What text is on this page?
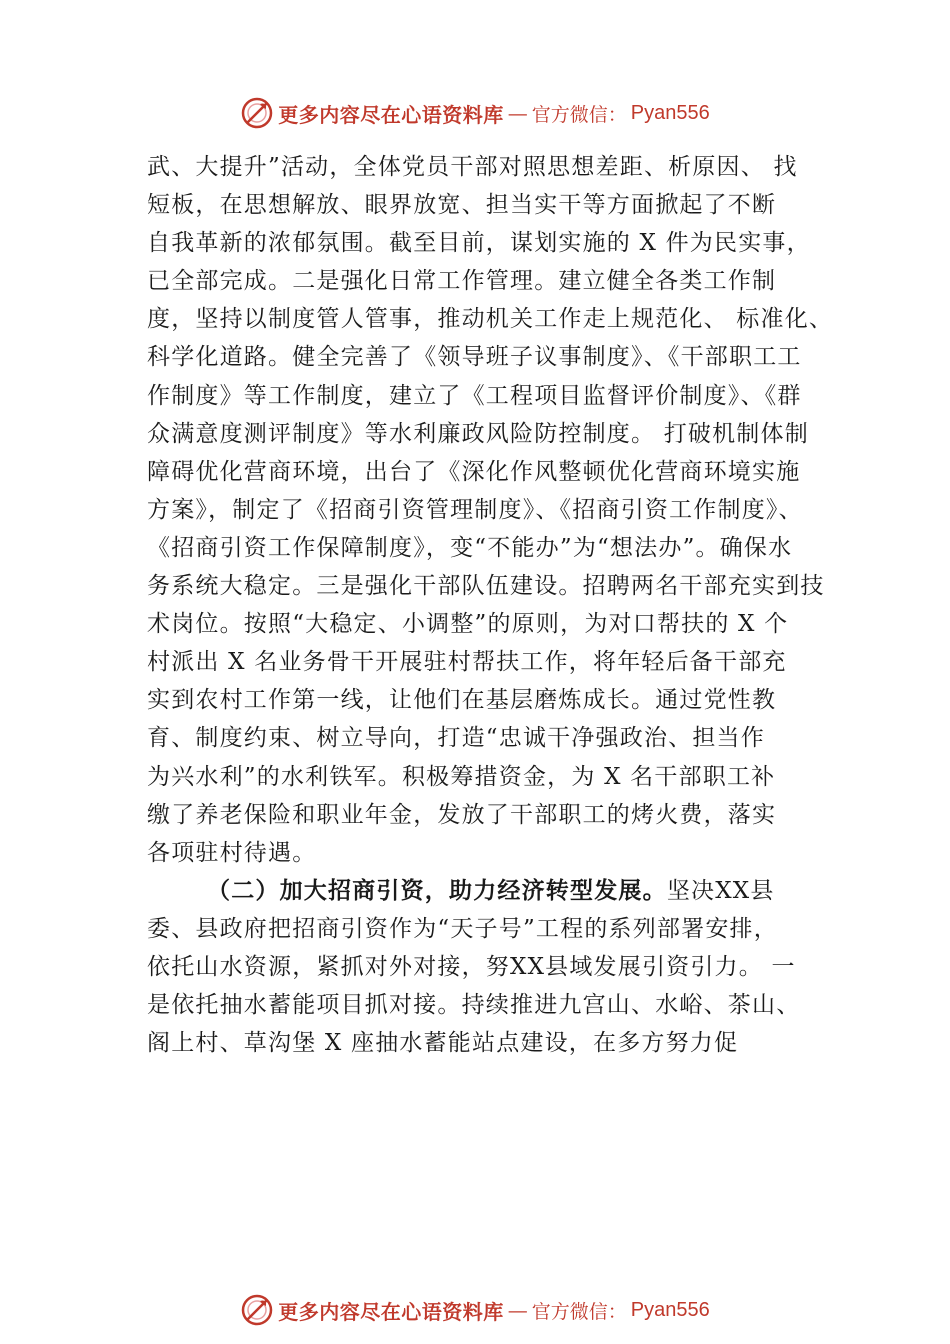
更多内容尽在心语资料库 — 官方微信： Pyan556
武、大提升”活动，全体党员干部对照思想差距、析原因、 找
短板，在思想解放、眼界放宽、担当实干等方面掀起了不断
自我革新的浓郁氛围。截至目前，谋划实施的 X 件为民实事，
已全部完成。二是强化日常工作管理。建立健全各类工作制
度，坚持以制度管人管事，推动机关工作走上规范化、 标准化、
科学化道路。健全完善了《领导班子议事制度》、《干部职工工
作制度》等工作制度，建立了《工程项目监督评价制度》、《群
众满意度测评制度》等水利廉政风险防控制度。 打破机制体制
障碍优化营商环境，出台了《深化作风整顿优化营商环境实施
方案》，制定了《招商引资管理制度》、《招商引资工作制度》、
《招商引资工作保障制度》，变“不能办”为“想法办”。确保水
务系统大稳定。三是强化干部队伍建设。招聘两名干部充实到技
术岗位。按照“大稳定、小调整”的原则，为对口帮扶的 X 个
村派出 X 名业务骨干开展驻村帮扶工作，将年轻后备干部充
实到农村工作第一线，让他们在基层磨炼成长。通过党性教
育、制度约束、树立导向，打造“忠诚干净强政治、担当作
为兴水利”的水利铁军。积极筹措资金，为 X 名干部职工补
缴了养老保险和职业年金，发放了干部职工的烤火费，落实
各项驻村待遇。
（二）加大招商引资，助力经济转型发展。坚决XX县
委、县政府把招商引资作为“天子号”工程的系列部署安排，
依托山水资源，紧抓对外对接，努XX县域发展引资引力。 一
是依托抽水蓄能项目抓对接。持续推进九宫山、水峪、茶山、
阁上村、草沟堡 X 座抽水蓄能站点建设，在多方努力促
更多内容尽在心语资料库 — 官方微信： Pyan556
